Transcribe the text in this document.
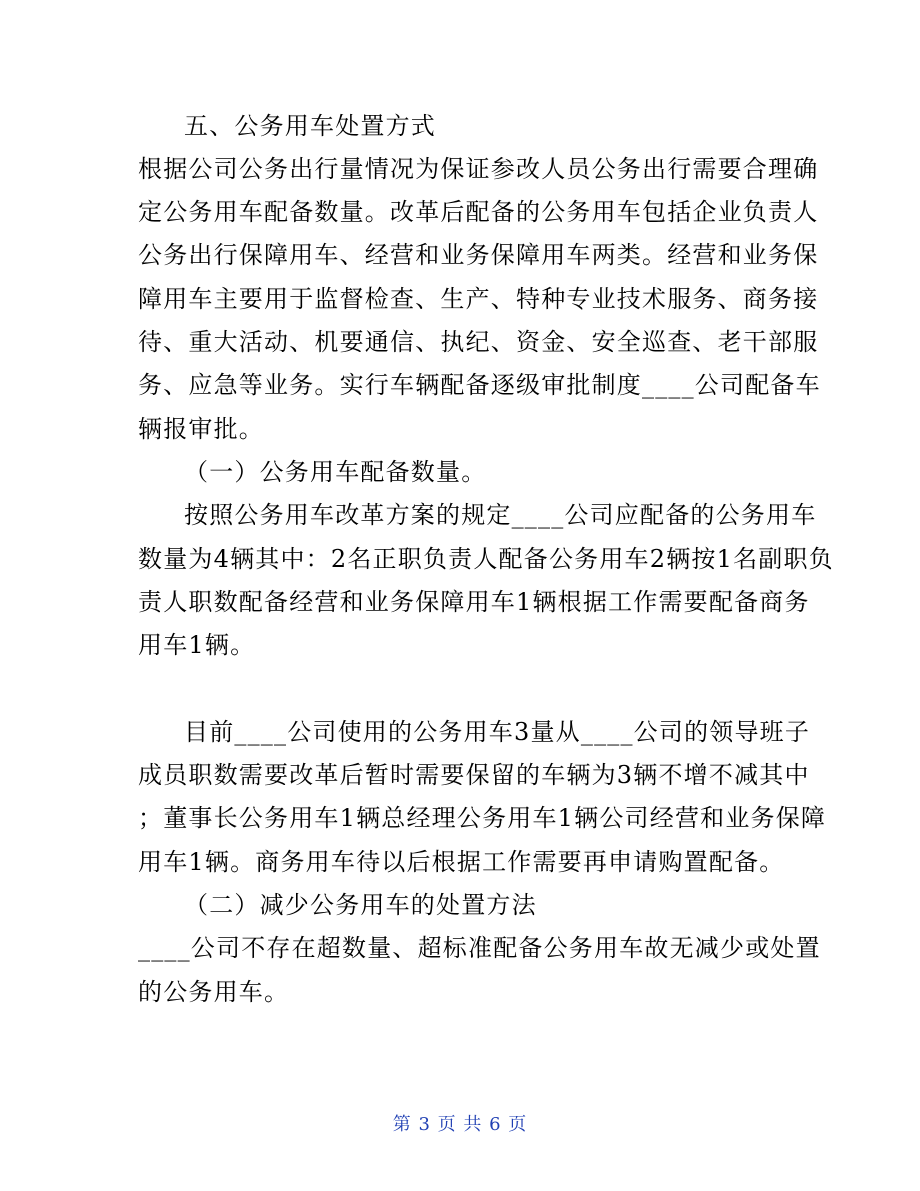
五、公务用车处置方式
根据公司公务出行量情况为保证参改人员公务出行需要合理确
定公务用车配备数量。改革后配备的公务用车包括企业负责人
公务出行保障用车、经营和业务保障用车两类。经营和业务保
障用车主要用于监督检查、生产、特种专业技术服务、商务接
待、重大活动、机要通信、执纪、资金、安全巡查、老干部服
务、应急等业务。实行车辆配备逐级审批制度____公司配备车
辆报审批。
（一）公务用车配备数量。
按照公务用车改革方案的规定____公司应配备的公务用车
数量为4辆其中：2名正职负责人配备公务用车2辆按1名副职负
责人职数配备经营和业务保障用车1辆根据工作需要配备商务
用车1辆。
目前____公司使用的公务用车3量从____公司的领导班子
成员职数需要改革后暂时需要保留的车辆为3辆不增不减其中
；董事长公务用车1辆总经理公务用车1辆公司经营和业务保障
用车1辆。商务用车待以后根据工作需要再申请购置配备。
（二）减少公务用车的处置方法
____公司不存在超数量、超标准配备公务用车故无减少或处置
的公务用车。
第 3 页 共 6 页
